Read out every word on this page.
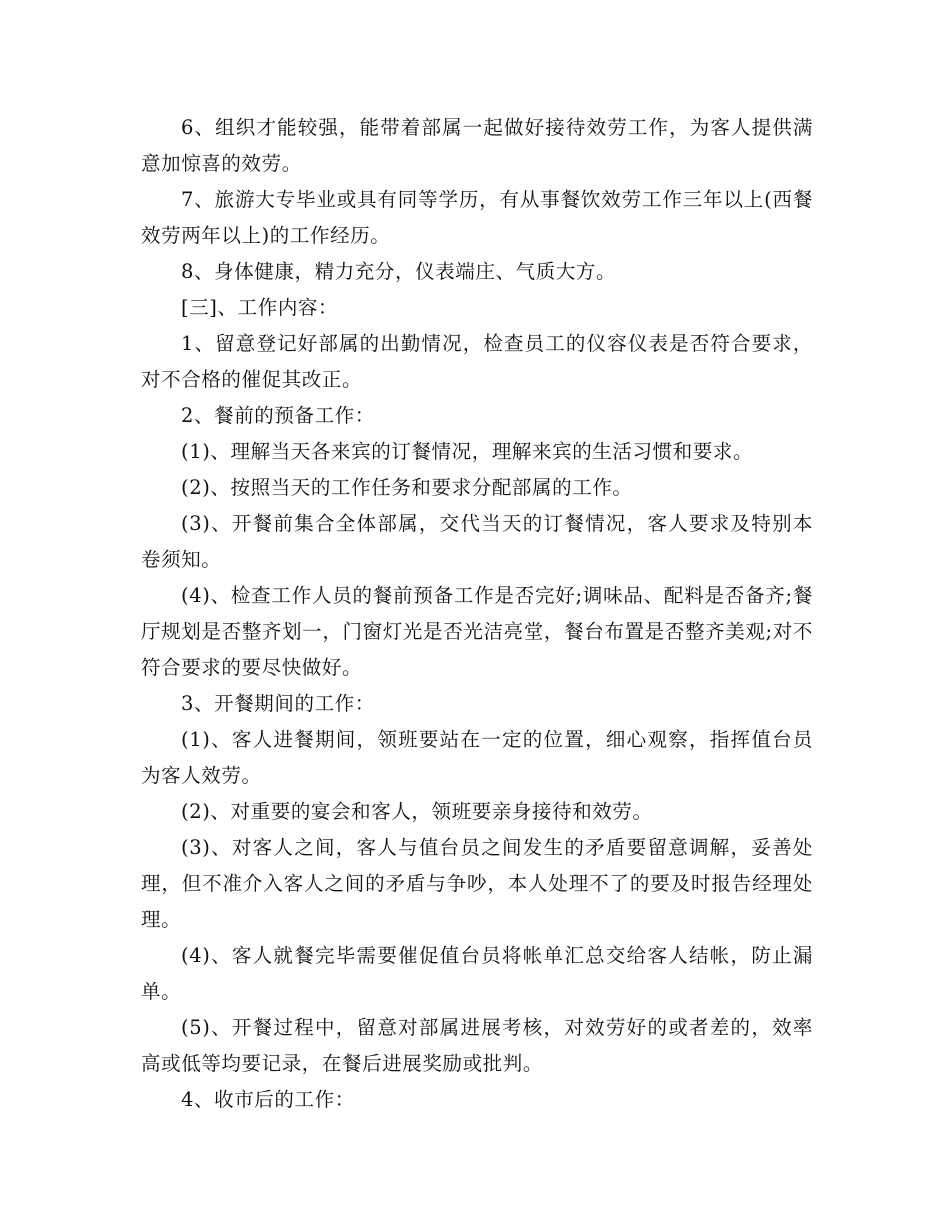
6、组织才能较强，能带着部属一起做好接待效劳工作，为客人提供满意加惊喜的效劳。

7、旅游大专毕业或具有同等学历，有从事餐饮效劳工作三年以上(西餐效劳两年以上)的工作经历。

8、身体健康，精力充分，仪表端庄、气质大方。

[三]、工作内容：

1、留意登记好部属的出勤情况，检查员工的仪容仪表是否符合要求，对不合格的催促其改正。

2、餐前的预备工作：

(1)、理解当天各来宾的订餐情况，理解来宾的生活习惯和要求。

(2)、按照当天的工作任务和要求分配部属的工作。

(3)、开餐前集合全体部属，交代当天的订餐情况，客人要求及特别本卷须知。

(4)、检查工作人员的餐前预备工作是否完好;调味品、配料是否备齐;餐厅规划是否整齐划一，门窗灯光是否光洁亮堂，餐台布置是否整齐美观;对不符合要求的要尽快做好。

3、开餐期间的工作：

(1)、客人进餐期间，领班要站在一定的位置，细心观察，指挥值台员为客人效劳。

(2)、对重要的宴会和客人，领班要亲身接待和效劳。

(3)、对客人之间，客人与值台员之间发生的矛盾要留意调解，妥善处理，但不准介入客人之间的矛盾与争吵，本人处理不了的要及时报告经理处理。

(4)、客人就餐完毕需要催促值台员将帐单汇总交给客人结帐，防止漏单。

(5)、开餐过程中，留意对部属进展考核，对效劳好的或者差的，效率高或低等均要记录，在餐后进展奖励或批判。

4、收市后的工作：
